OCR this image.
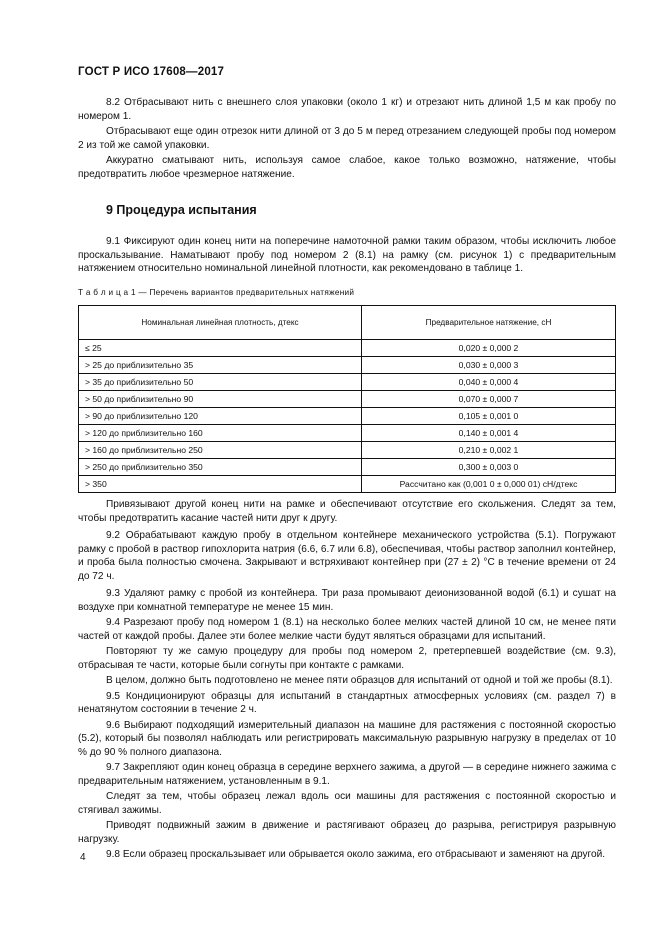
ГОСТ Р ИСО 17608—2017

8.2 Отбрасывают нить с внешнего слоя упаковки (около 1 кг) и отрезают нить длиной 1,5 м как пробу по номером 1.

Отбрасывают еще один отрезок нити длиной от 3 до 5 м перед отрезанием следующей пробы под номером 2 из той же самой упаковки.

Аккуратно сматывают нить, используя самое слабое, какое только возможно, натяжение, чтобы предотвратить любое чрезмерное натяжение.

9 Процедура испытания

9.1 Фиксируют один конец нити на поперечине намоточной рамки таким образом, чтобы исключить любое проскальзывание. Наматывают пробу под номером 2 (8.1) на рамку (см. рисунок 1) с предварительным натяжением относительно номинальной линейной плотности, как рекомендовано в таблице 1.

Т а б л и ц а 1 — Перечень вариантов предварительных натяжений

Номинальная линейная плотность, дтекс	Предварительное натяжение, сН
≤ 25	0,020 ± 0,000 2
> 25 до приблизительно 35	0,030 ± 0,000 3
> 35 до приблизительно 50	0,040 ± 0,000 4
> 50 до приблизительно 90	0,070 ± 0,000 7
> 90 до приблизительно 120	0,105 ± 0,001 0
> 120 до приблизительно 160	0,140 ± 0,001 4
> 160 до приблизительно 250	0,210 ± 0,002 1
> 250 до приблизительно 350	0,300 ± 0,003 0
> 350	Рассчитано как (0,001 0 ± 0,000 01) сН/дтекс

Привязывают другой конец нити на рамке и обеспечивают отсутствие его скольжения. Следят за тем, чтобы предотвратить касание частей нити друг к другу.

9.2 Обрабатывают каждую пробу в отдельном контейнере механического устройства (5.1). Погружают рамку с пробой в раствор гипохлорита натрия (6.6, 6.7 или 6.8), обеспечивая, чтобы раствор заполнил контейнер, и проба была полностью смочена. Закрывают и встряхивают контейнер при (27 ± 2) °С в течение времени от 24 до 72 ч.

9.3 Удаляют рамку с пробой из контейнера. Три раза промывают деионизованной водой (6.1) и сушат на воздухе при комнатной температуре не менее 15 мин.

9.4 Разрезают пробу под номером 1 (8.1) на несколько более мелких частей длиной 10 см, не менее пяти частей от каждой пробы. Далее эти более мелкие части будут являться образцами для испытаний.

Повторяют ту же самую процедуру для пробы под номером 2, претерпевшей воздействие (см. 9.3), отбрасывая те части, которые были согнуты при контакте с рамками.

В целом, должно быть подготовлено не менее пяти образцов для испытаний от одной и той же пробы (8.1).

9.5 Кондиционируют образцы для испытаний в стандартных атмосферных условиях (см. раздел 7) в ненатянутом состоянии в течение 2 ч.

9.6 Выбирают подходящий измерительный диапазон на машине для растяжения с постоянной скоростью (5.2), который бы позволял наблюдать или регистрировать максимальную разрывную нагрузку в пределах от 10 % до 90 % полного диапазона.

9.7 Закрепляют один конец образца в середине верхнего зажима, а другой — в середине нижнего зажима с предварительным натяжением, установленным в 9.1.

Следят за тем, чтобы образец лежал вдоль оси машины для растяжения с постоянной скоростью и стягивал зажимы.

Приводят подвижный зажим в движение и растягивают образец до разрыва, регистрируя разрывную нагрузку.

9.8 Если образец проскальзывает или обрывается около зажима, его отбрасывают и заменяют на другой.

4
